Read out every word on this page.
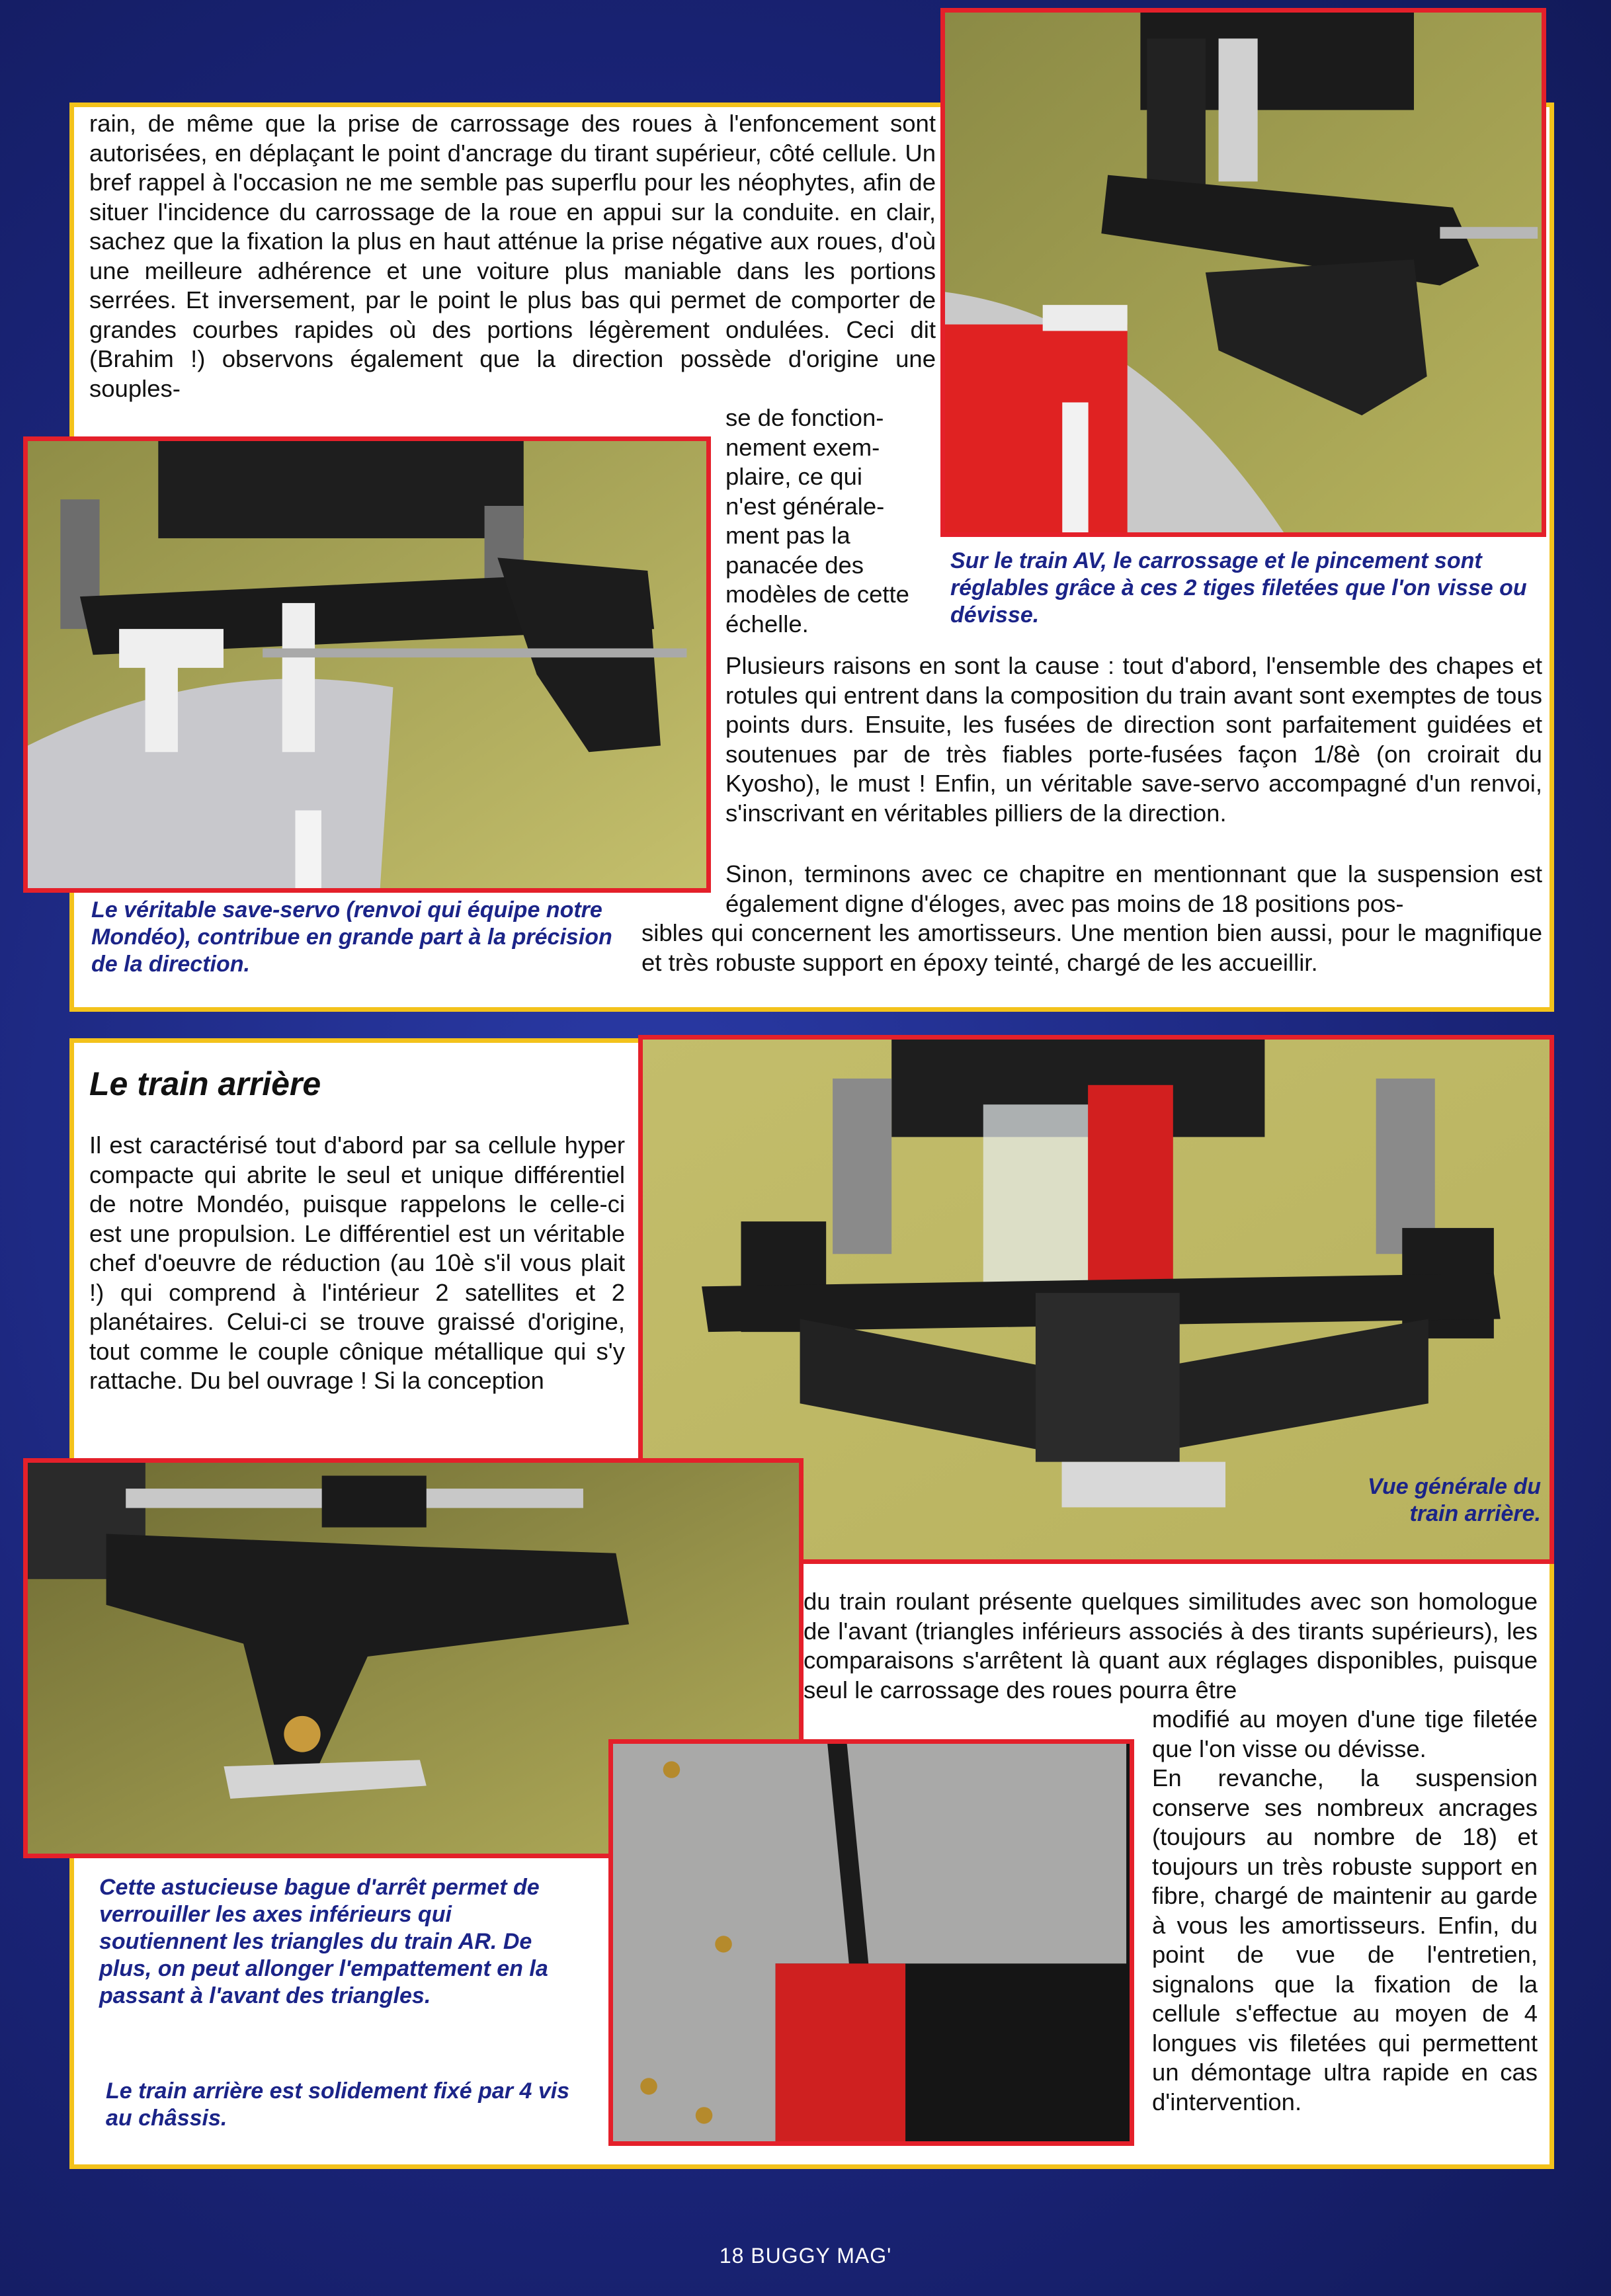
rain, de même que la prise de carrossage des roues à l'enfoncement sont autorisées, en déplaçant le point d'ancrage du tirant supérieur, côté cellule. Un bref rappel à l'occasion ne me semble pas superflu pour les néophytes, afin de situer l'incidence du carrossage de la roue en appui sur la conduite. en clair, sachez que la fixation la plus en haut atténue la prise négative aux roues, d'où une meilleure adhérence et une voiture plus maniable dans les portions serrées. Et inversement, par le point le plus bas qui permet de comporter de grandes courbes rapides où des portions légèrement ondulées. Ceci dit (Brahim !) observons également que la direction possède d'origine une souples-

se de fonction-
nement exem-
plaire, ce qui
n'est générale-
ment pas la
panacée des
modèles de cette
échelle.

Plusieurs raisons en sont la cause : tout d'abord, l'ensemble des chapes et rotules qui entrent dans la composition du train avant sont exemptes de tous points durs. Ensuite, les fusées de direction sont parfaitement guidées et soutenues par de très fiables porte-fusées façon 1/8è (on croirait du Kyosho), le must ! Enfin, un véritable save-servo accompagné d'un renvoi, s'inscrivant en véritables pilliers de la direction.

Sinon, terminons avec ce chapitre en mentionnant que la suspension est également digne d'éloges, avec pas moins de 18 positions pos-

sibles qui concernent les amortisseurs. Une mention bien aussi, pour le magnifique et très robuste support en époxy teinté, chargé de les accueillir.

Sur le train AV, le carrossage et le pincement sont réglables grâce à ces 2 tiges filetées que l'on visse ou dévisse.
Le véritable save-servo (renvoi qui équipe notre Mondéo), contribue en grande part à la précision de la direction.
Le train arrière

Il est caractérisé tout d'abord par sa cellule hyper compacte qui abrite le seul et unique différentiel de notre Mondéo, puisque rappelons le celle-ci est une propulsion. Le différentiel est un véritable chef d'oeuvre de réduction (au 10è s'il vous plait !) qui comprend à l'intérieur 2 satellites et 2 planétaires. Celui-ci se trouve graissé d'origine, tout comme le couple cônique métallique qui s'y rattache. Du bel ouvrage ! Si la conception

du train roulant présente quelques similitudes avec son homologue de l'avant (triangles inférieurs associés à des tirants supérieurs), les comparaisons s'arrêtent là quant aux réglages disponibles, puisque seul le carrossage des roues pourra être

modifié au moyen d'une tige filetée que l'on visse ou dévisse.

En revanche, la suspension conserve ses nombreux ancrages (toujours au nombre de 18) et toujours un très robuste support en fibre, chargé de maintenir au garde à vous les amortisseurs. Enfin, du point de vue de l'entretien, signalons que la fixation de la cellule s'effectue au moyen de 4 longues vis filetées qui permettent un démontage ultra rapide en cas d'intervention.

Vue générale du train arrière.
Cette astucieuse bague d'arrêt permet de verrouiller les axes inférieurs qui soutiennent les triangles du train AR. De plus, on peut allonger l'empattement en la passant à l'avant des triangles.
Le train arrière est solidement fixé par 4 vis au châssis.
18 BUGGY MAG'
